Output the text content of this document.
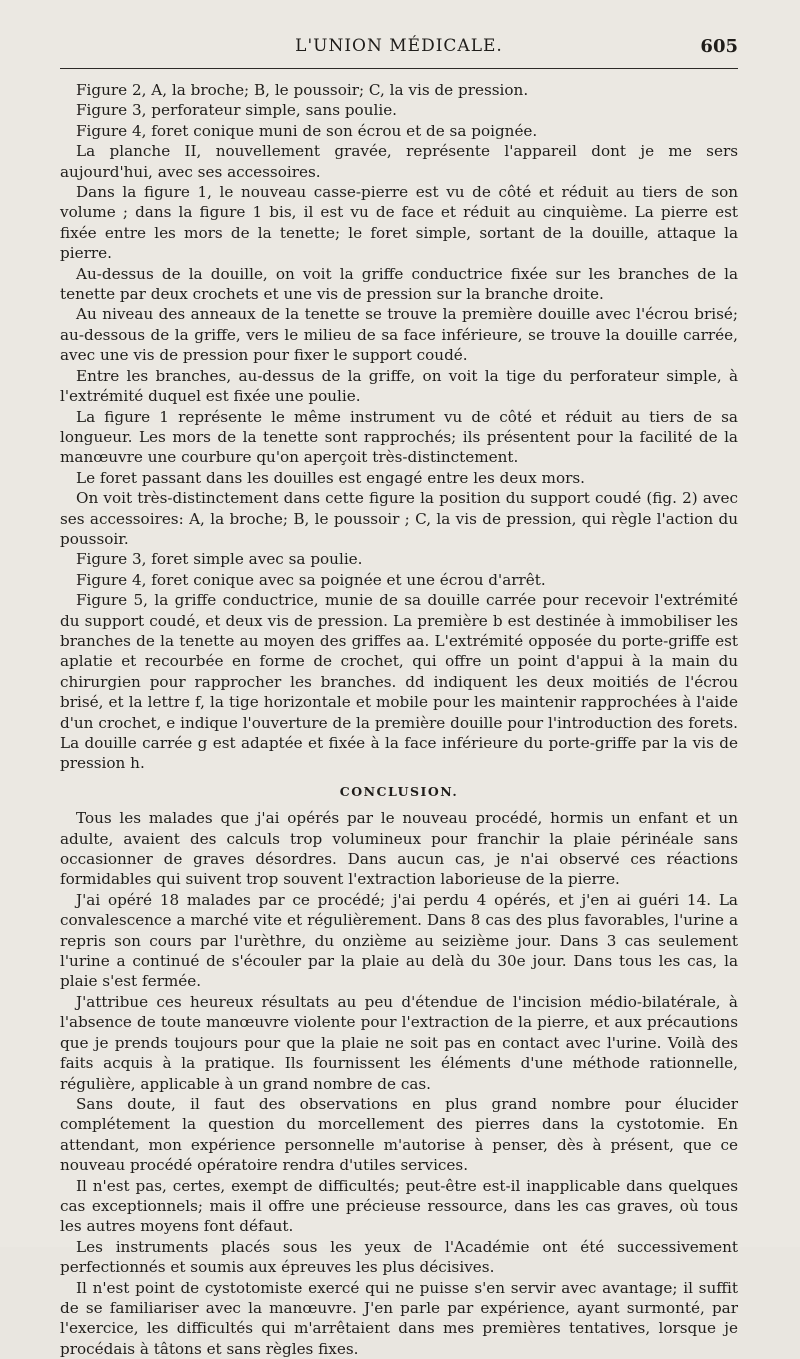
L'UNION MÉDICALE.	605

Figure 2, A, la broche; B, le poussoir; C, la vis de pression.

Figure 3, perforateur simple, sans poulie.

Figure 4, foret conique muni de son écrou et de sa poignée.

La planche II, nouvellement gravée, représente l'appareil dont je me sers aujourd'hui, avec ses accessoires.

Dans la figure 1, le nouveau casse-pierre est vu de côté et réduit au tiers de son volume ; dans la figure 1 bis, il est vu de face et réduit au cinquième. La pierre est fixée entre les mors de la tenette; le foret simple, sortant de la douille, attaque la pierre.

Au-dessus de la douille, on voit la griffe conductrice fixée sur les branches de la tenette par deux crochets et une vis de pression sur la branche droite.

Au niveau des anneaux de la tenette se trouve la première douille avec l'écrou brisé; au-dessous de la griffe, vers le milieu de sa face inférieure, se trouve la douille carrée, avec une vis de pression pour fixer le support coudé.

Entre les branches, au-dessus de la griffe, on voit la tige du perforateur simple, à l'extrémité duquel est fixée une poulie.

La figure 1 représente le même instrument vu de côté et réduit au tiers de sa longueur. Les mors de la tenette sont rapprochés; ils présentent pour la facilité de la manœuvre une courbure qu'on aperçoit très-distinctement.

Le foret passant dans les douilles est engagé entre les deux mors.

On voit très-distinctement dans cette figure la position du support coudé (fig. 2) avec ses accessoires: A, la broche; B, le poussoir ; C, la vis de pression, qui règle l'action du poussoir.

Figure 3, foret simple avec sa poulie.

Figure 4, foret conique avec sa poignée et une écrou d'arrêt.

Figure 5, la griffe conductrice, munie de sa douille carrée pour recevoir l'extrémité du support coudé, et deux vis de pression. La première b est destinée à immobiliser les branches de la tenette au moyen des griffes aa. L'extrémité opposée du porte-griffe est aplatie et recourbée en forme de crochet, qui offre un point d'appui à la main du chirurgien pour rapprocher les branches. dd indiquent les deux moitiés de l'écrou brisé, et la lettre f, la tige horizontale et mobile pour les maintenir rapprochées à l'aide d'un crochet, e indique l'ouverture de la première douille pour l'introduction des forets. La douille carrée g est adaptée et fixée à la face inférieure du porte-griffe par la vis de pression h.

CONCLUSION.

Tous les malades que j'ai opérés par le nouveau procédé, hormis un enfant et un adulte, avaient des calculs trop volumineux pour franchir la plaie périnéale sans occasionner de graves désordres. Dans aucun cas, je n'ai observé ces réactions formidables qui suivent trop souvent l'extraction laborieuse de la pierre.

J'ai opéré 18 malades par ce procédé; j'ai perdu 4 opérés, et j'en ai guéri 14. La convalescence a marché vite et régulièrement. Dans 8 cas des plus favorables, l'urine a repris son cours par l'urèthre, du onzième au seizième jour. Dans 3 cas seulement l'urine a continué de s'écouler par la plaie au delà du 30e jour. Dans tous les cas, la plaie s'est fermée.

J'attribue ces heureux résultats au peu d'étendue de l'incision médio-bilatérale, à l'absence de toute manœuvre violente pour l'extraction de la pierre, et aux précautions que je prends toujours pour que la plaie ne soit pas en contact avec l'urine. Voilà des faits acquis à la pratique. Ils fournissent les éléments d'une méthode rationnelle, régulière, applicable à un grand nombre de cas.

Sans doute, il faut des observations en plus grand nombre pour élucider complétement la question du morcellement des pierres dans la cystotomie. En attendant, mon expérience personnelle m'autorise à penser, dès à présent, que ce nouveau procédé opératoire rendra d'utiles services.

Il n'est pas, certes, exempt de difficultés; peut-être est-il inapplicable dans quelques cas exceptionnels; mais il offre une précieuse ressource, dans les cas graves, où tous les autres moyens font défaut.

Les instruments placés sous les yeux de l'Académie ont été successivement perfectionnés et soumis aux épreuves les plus décisives.

Il n'est point de cystotomiste exercé qui ne puisse s'en servir avec avantage; il suffit de se familiariser avec la manœuvre. J'en parle par expérience, ayant surmonté, par l'exercice, les difficultés qui m'arrêtaient dans mes premières tentatives, lorsque je procédais à tâtons et sans règles fixes.
